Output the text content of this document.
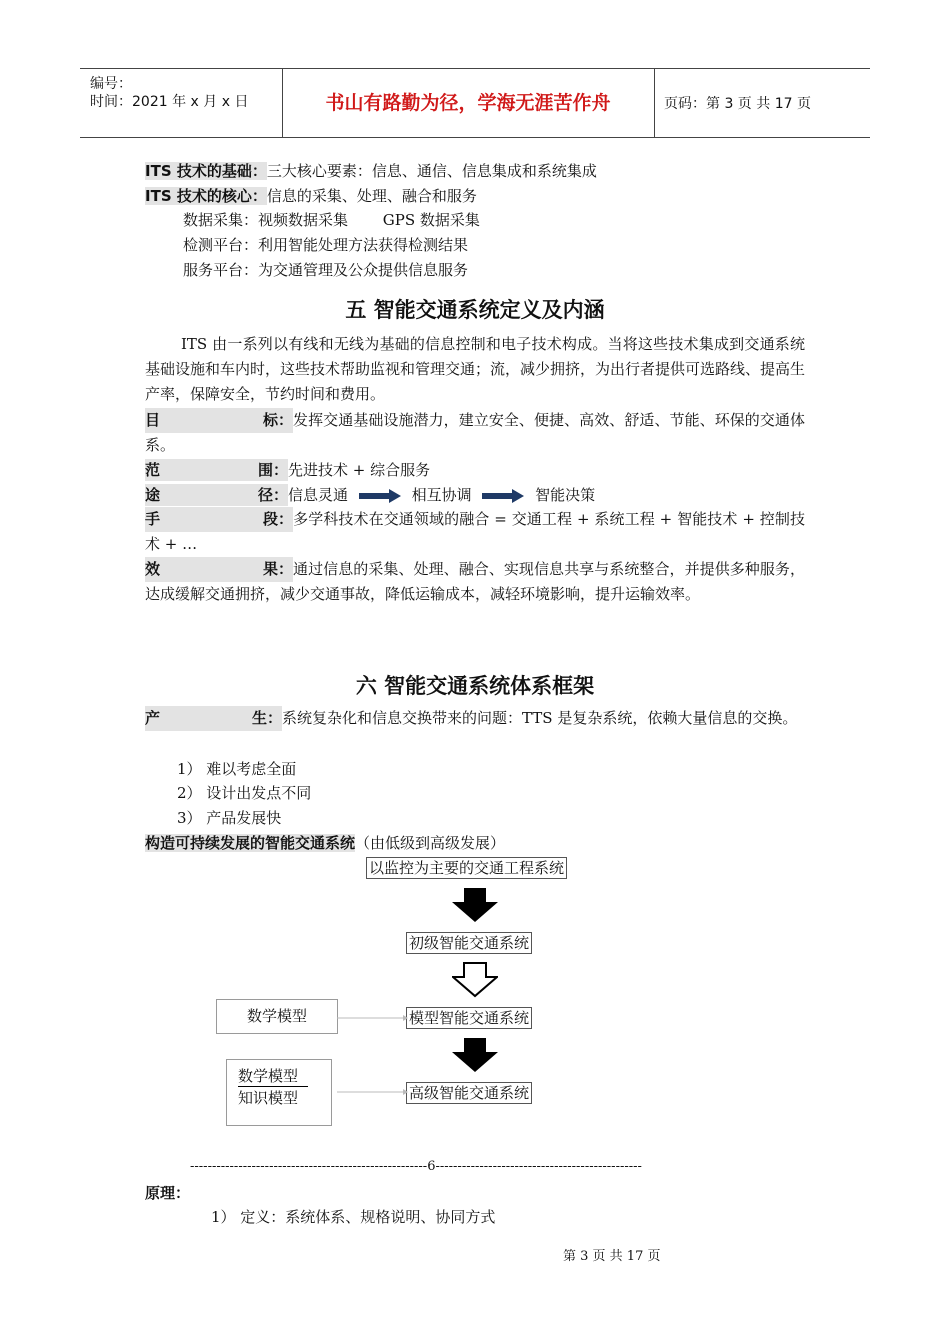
编号：
时间：2021 年 x 月 x 日	书山有路勤为径，学海无涯苦作舟	页码：第 3 页 共 17 页
ITS 技术的基础：三大核心要素：信息、通信、信息集成和系统集成
ITS 技术的核心：信息的采集、处理、融合和服务
数据采集：视频数据采集　　 GPS 数据采集
检测平台：利用智能处理方法获得检测结果
服务平台：为交通管理及公众提供信息服务
五 智能交通系统定义及内涵
ITS 由一系列以有线和无线为基础的信息控制和电子技术构成。当将这些技术集成到交通系统基础设施和车内时，这些技术帮助监视和管理交通；流，减少拥挤，为出行者提供可选路线、提高生产率，保障安全，节约时间和费用。
目	标： 发挥交通基础设施潜力，建立安全、便捷、高效、舒适、节能、环保的交通体系。
范	围： 先进技术 + 综合服务
途	径： 信息灵通	相互协调	智能决策
手	段： 多学科技术在交通领域的融合 = 交通工程 + 系统工程 + 智能技术 + 控制技术 + …
效	果： 通过信息的采集、处理、融合、实现信息共享与系统整合，并提供多种服务，达成缓解交通拥挤，减少交通事故，降低运输成本，减轻环境影响，提升运输效率。
六 智能交通系统体系框架
产	生： 系统复杂化和信息交换带来的问题：TTS 是复杂系统，依赖大量信息的交换。
1） 难以考虑全面
2） 设计出发点不同
3） 产品发展快
构造可持续发展的智能交通系统（由低级到高级发展）
以监控为主要的交通工程系统
初级智能交通系统
模型智能交通系统
高级智能交通系统
数学模型
数学模型
知识模型
------------------------------------------------------6-----------------------------------------------
原理：
1） 定义：系统体系、规格说明、协同方式
第 3 页 共 17 页
